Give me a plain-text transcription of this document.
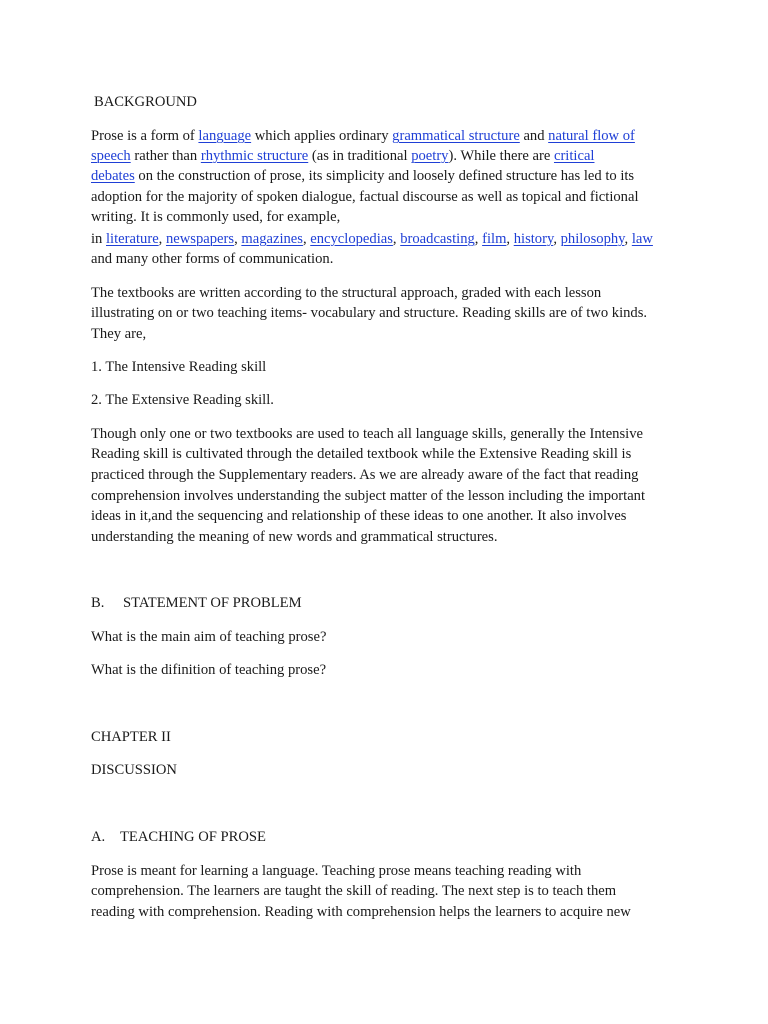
BACKGROUND
Prose is a form of language which applies ordinary grammatical structure and natural flow of
speech rather than rhythmic structure (as in traditional poetry). While there are critical
debates on the construction of prose, its simplicity and loosely defined structure has led to its
adoption for the majority of spoken dialogue, factual discourse as well as topical and fictional
writing. It is commonly used, for example,
in literature, newspapers, magazines, encyclopedias, broadcasting, film, history, philosophy, law
and many other forms of communication.
The textbooks are written according to the structural approach, graded with each lesson
illustrating on or two teaching items- vocabulary and structure. Reading skills are of two kinds.
They are,
1. The Intensive Reading skill
2. The Extensive Reading skill.
Though only one or two textbooks are used to teach all language skills, generally the Intensive
Reading skill is cultivated through the detailed textbook while the Extensive Reading skill is
practiced through the Supplementary readers. As we are already aware of the fact that reading
comprehension involves understanding the subject matter of the lesson including the important
ideas in it,and the sequencing and relationship of these ideas to one another. It also involves
understanding the meaning of new words and grammatical structures.
B. STATEMENT OF PROBLEM
What is the main aim of teaching prose?
What is the difinition of teaching prose?
CHAPTER II
DISCUSSION
A. TEACHING OF PROSE
Prose is meant for learning a language. Teaching prose means teaching reading with
comprehension. The learners are taught the skill of reading. The next step is to teach them
reading with comprehension. Reading with comprehension helps the learners to acquire new
